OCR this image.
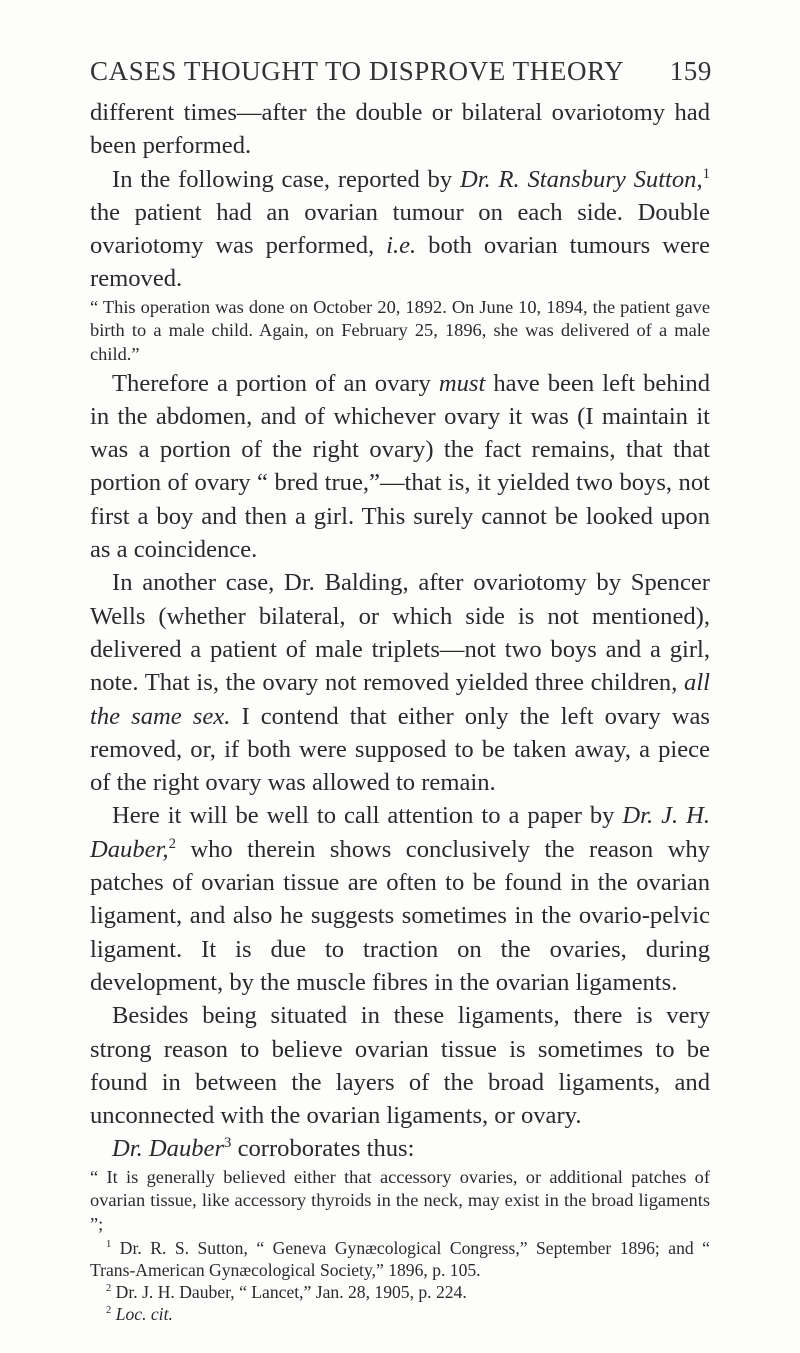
CASES THOUGHT TO DISPROVE THEORY 159

different times—after the double or bilateral ovariotomy had been performed.

In the following case, reported by Dr. R. Stansbury Sutton,$^1$ the patient had an ovarian tumour on each side. Double ovariotomy was performed, i.e. both ovarian tumours were removed.

“ This operation was done on October 20, 1892. On June 10, 1894, the patient gave birth to a male child. Again, on February 25, 1896, she was delivered of a male child.”

Therefore a portion of an ovary must have been left behind in the abdomen, and of whichever ovary it was (I maintain it was a portion of the right ovary) the fact remains, that that portion of ovary “ bred true,”—that is, it yielded two boys, not first a boy and then a girl. This surely cannot be looked upon as a coincidence.

In another case, Dr. Balding, after ovariotomy by Spencer Wells (whether bilateral, or which side is not mentioned), delivered a patient of male triplets—not two boys and a girl, note. That is, the ovary not removed yielded three children, all the same sex. I contend that either only the left ovary was removed, or, if both were supposed to be taken away, a piece of the right ovary was allowed to remain.

Here it will be well to call attention to a paper by Dr. J. H. Dauber,$^2$ who therein shows conclusively the reason why patches of ovarian tissue are often to be found in the ovarian ligament, and also he suggests sometimes in the ovario-pelvic ligament. It is due to traction on the ovaries, during development, by the muscle fibres in the ovarian ligaments.

Besides being situated in these ligaments, there is very strong reason to believe ovarian tissue is sometimes to be found in between the layers of the broad ligaments, and unconnected with the ovarian ligaments, or ovary.

Dr. Dauber$^3$ corroborates thus:

“ It is generally believed either that accessory ovaries, or additional patches of ovarian tissue, like accessory thyroids in the neck, may exist in the broad ligaments ”;

$^1$ Dr. R. S. Sutton, “ Geneva Gynæcological Congress,” September 1896; and “ Trans-American Gynæcological Society,” 1896, p. 105.

$^2$ Dr. J. H. Dauber, “ Lancet,” Jan. 28, 1905, p. 224.

$^2$ Loc. cit.
